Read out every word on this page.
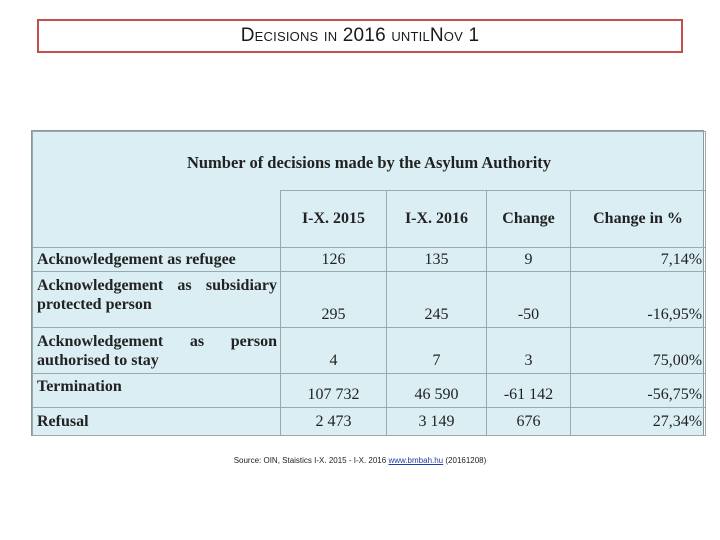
Decisions in 2016 untilNov 1
Number of decisions made by the Asylum Authority				
	I-X. 2015	I-X. 2016	Change	Change in %
Acknowledgement as refugee	126	135	9	7,14%

Acknowledgement as subsidiary
protected person	295	245	-50	-16,95%

Acknowledgement as person
authorised to stay	4	7	3	75,00%
Termination	107 732	46 590	-61 142	-56,75%
Refusal	2 473	3 149	676	27,34%
Source: OIN, Staistics I-X. 2015 - I-X. 2016 www.bmbah.hu (20161208)
